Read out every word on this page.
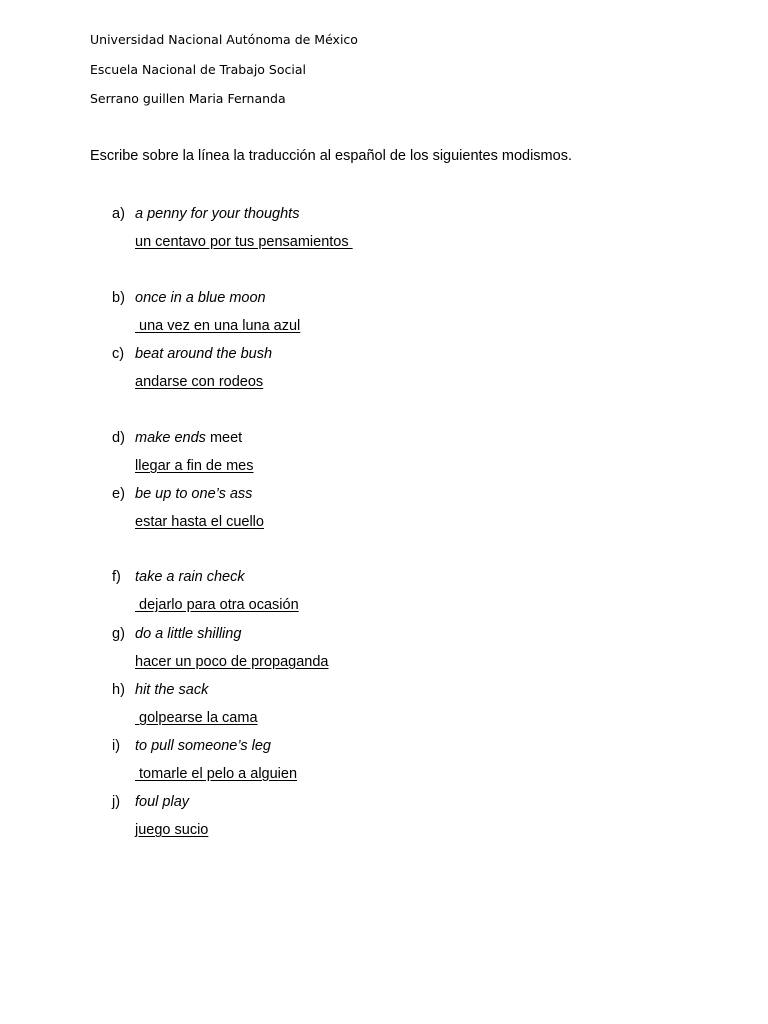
Universidad Nacional Autónoma de México
Escuela Nacional de Trabajo Social
Serrano guillen Maria Fernanda
Escribe sobre la línea la traducción al español de los siguientes modismos.
a) a penny for your thoughts
un centavo por tus pensamientos
b) once in a blue moon
una vez en una luna azul
c) beat around the bush
andarse con rodeos
d) make ends meet
llegar a fin de mes
e) be up to one’s ass
estar hasta el cuello
f) take a rain check
dejarlo para otra ocasión
g) do a little shilling
hacer un poco de propaganda
h) hit the sack
golpearse la cama
i) to pull someone’s leg
tomarle el pelo a alguien
j) foul play
juego sucio
